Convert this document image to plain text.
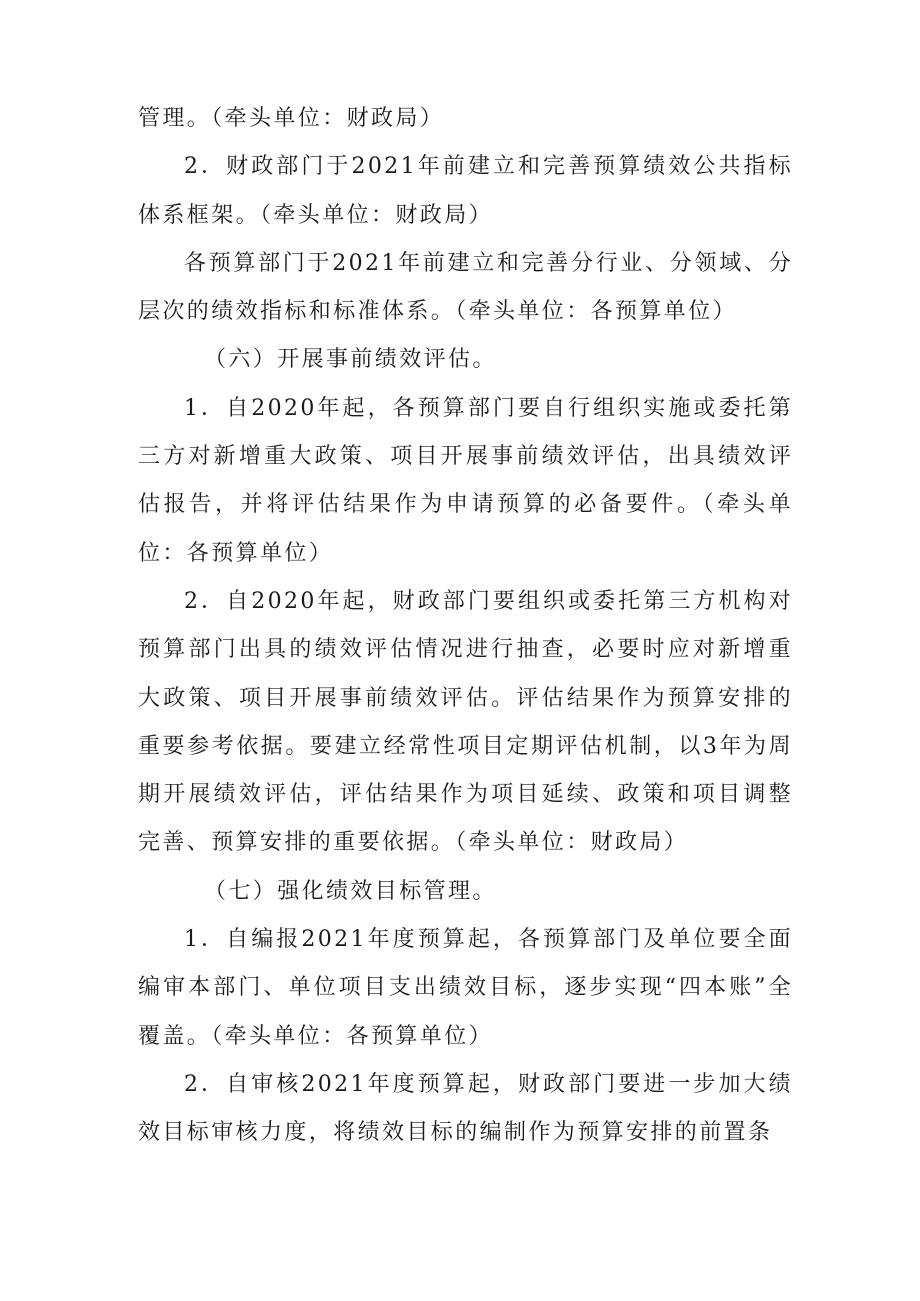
管理。（牵头单位：财政局）

2．财政部门于2021年前建立和完善预算绩效公共指标体系框架。（牵头单位：财政局）

各预算部门于2021年前建立和完善分行业、分领域、分层次的绩效指标和标准体系。（牵头单位：各预算单位）

（六）开展事前绩效评估。

1．自2020年起，各预算部门要自行组织实施或委托第三方对新增重大政策、项目开展事前绩效评估，出具绩效评估报告，并将评估结果作为申请预算的必备要件。（牵头单位：各预算单位）

2．自2020年起，财政部门要组织或委托第三方机构对预算部门出具的绩效评估情况进行抽查，必要时应对新增重大政策、项目开展事前绩效评估。评估结果作为预算安排的重要参考依据。要建立经常性项目定期评估机制，以3年为周期开展绩效评估，评估结果作为项目延续、政策和项目调整完善、预算安排的重要依据。（牵头单位：财政局）

（七）强化绩效目标管理。

1．自编报2021年度预算起，各预算部门及单位要全面编审本部门、单位项目支出绩效目标，逐步实现“四本账”全覆盖。（牵头单位：各预算单位）

2．自审核2021年度预算起，财政部门要进一步加大绩效目标审核力度，将绩效目标的编制作为预算安排的前置条
